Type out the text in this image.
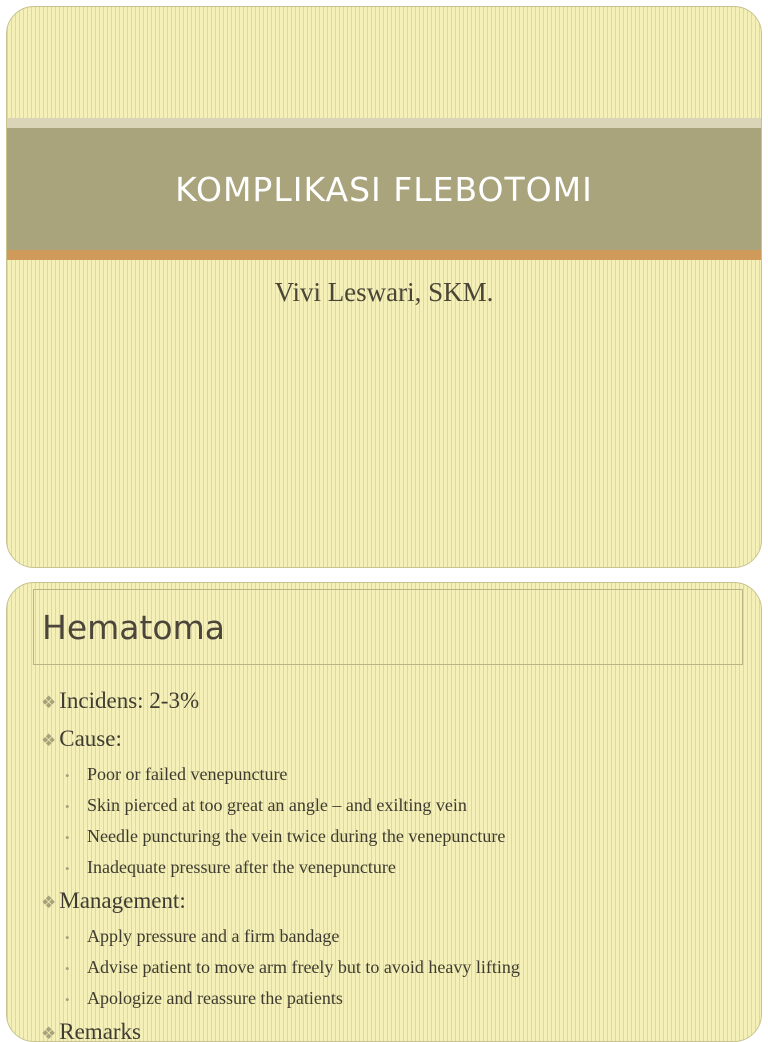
KOMPLIKASI FLEBOTOMI
Vivi Leswari, SKM.
Hematoma
❖ Incidens: 2-3%
❖ Cause:
• Poor or failed venepuncture
• Skin pierced at too great an angle – and exilting vein
• Needle puncturing the vein twice during the venepuncture
• Inadequate pressure after the venepuncture
❖ Management:
• Apply pressure and a firm bandage
• Advise patient to move arm freely but to avoid heavy lifting
• Apologize and reassure the patients
❖ Remarks
